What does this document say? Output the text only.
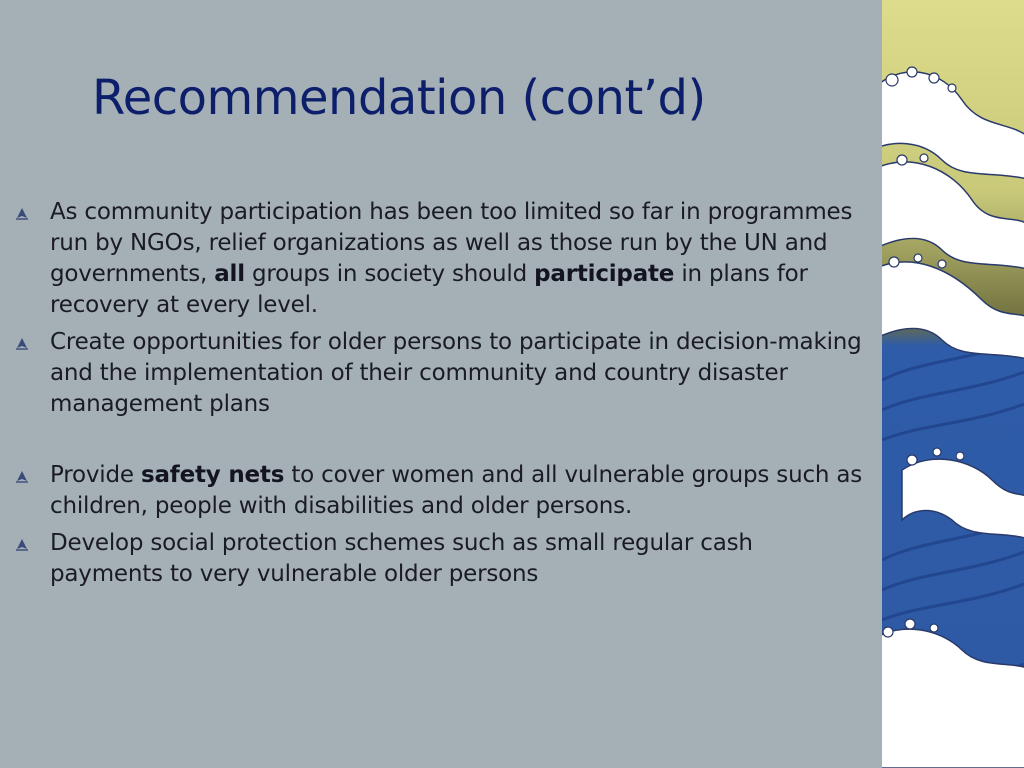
Recommendation (cont’d)
As community participation has been too limited so far in programmes run by NGOs, relief organizations as well as those run by the UN and governments, all groups in society should participate in plans for recovery at every level.
Create opportunities for older persons to participate in decision-making and the implementation of their community and country disaster management plans
Provide safety nets to cover women and all vulnerable groups such as children, people with disabilities and older persons.
Develop social protection schemes such as small regular cash payments to very vulnerable older persons
